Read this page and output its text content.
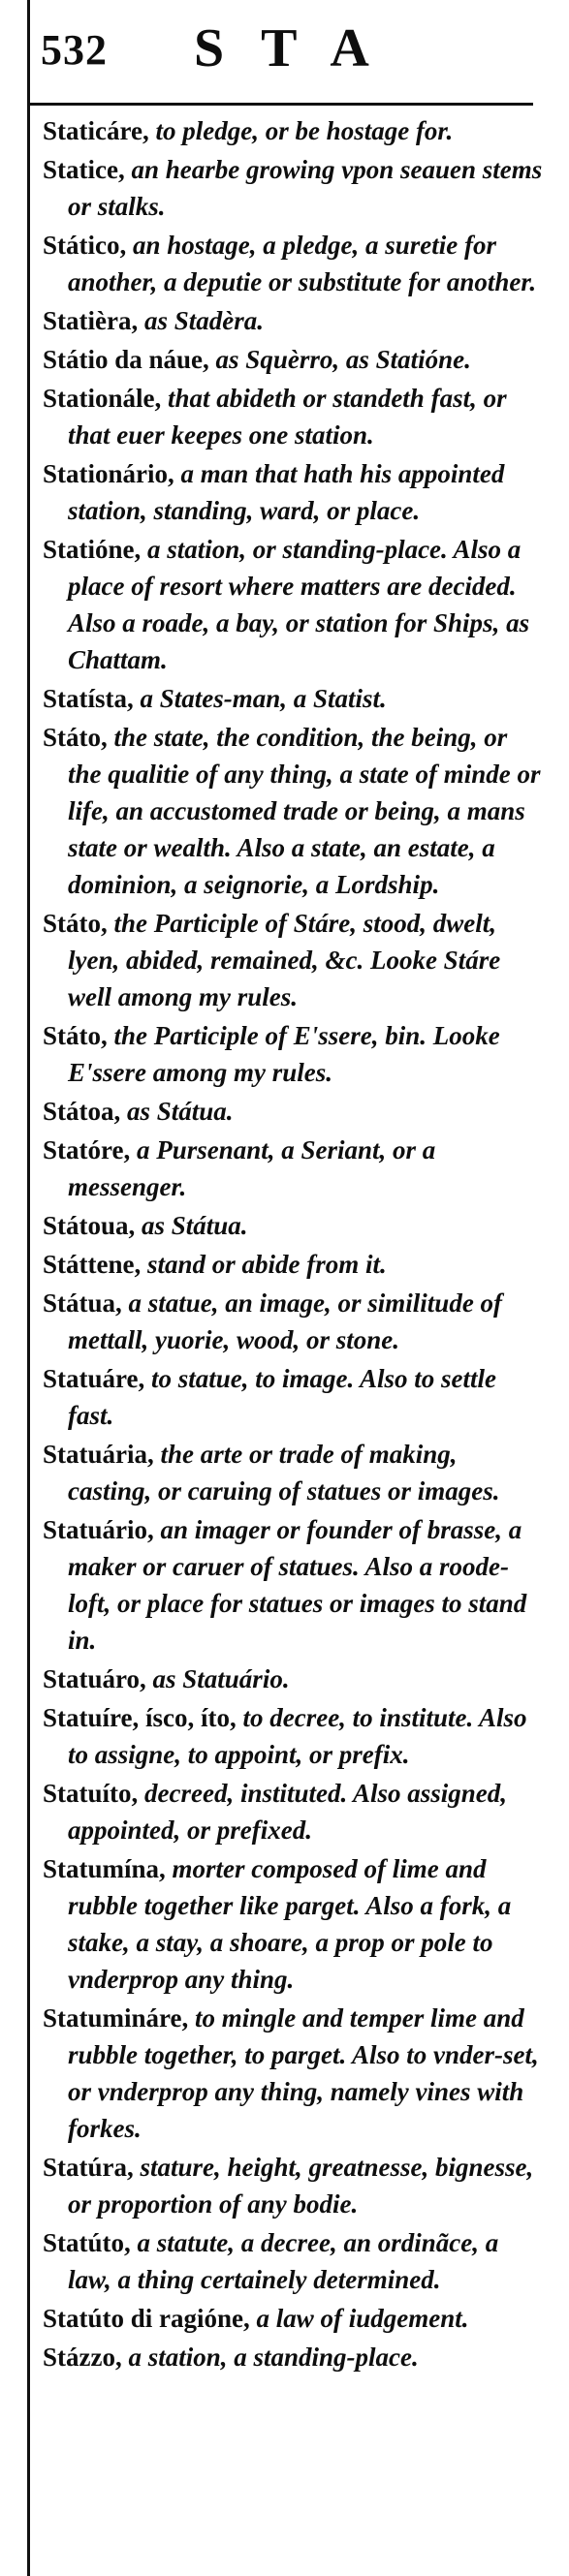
532 STA

Staticáre, to pledge, or be hostage for.

Statice, an hearbe growing vpon seauen stems or stalks.

Stático, an hostage, a pledge, a suretie for another, a deputie or substitute for another.

Statièra, as Stadèra.

Státio da náue, as Squèrro, as Statióne.

Stationále, that abideth or standeth fast, or that euer keepes one station.

Stationário, a man that hath his appointed station, standing, ward, or place.

Statióne, a station, or standing-place. Also a place of resort where matters are decided. Also a roade, a bay, or station for Ships, as Chattam.

Statísta, a States-man, a Statist.

Státo, the state, the condition, the being, or the qualitie of any thing, a state of minde or life, an accustomed trade or being, a mans state or wealth. Also a state, an estate, a dominion, a seignorie, a Lordship.

Státo, the Participle of Stáre, stood, dwelt, lyen, abided, remained, &c. Looke Stáre well among my rules.

Státo, the Participle of E'ssere, bin. Looke E'ssere among my rules.

Státoa, as Státua.

Statóre, a Pursenant, a Seriant, or a messenger.

Státoua, as Státua.

Státtene, stand or abide from it.

Státua, a statue, an image, or similitude of mettall, yuorie, wood, or stone.

Statuáre, to statue, to image. Also to settle fast.

Statuária, the arte or trade of making, casting, or caruing of statues or images.

Statuário, an imager or founder of brasse, a maker or caruer of statues. Also a roode-loft, or place for statues or images to stand in.

Statuáro, as Statuário.

Statuíre, ísco, íto, to decree, to institute. Also to assigne, to appoint, or prefix.

Statuíto, decreed, instituted. Also assigned, appointed, or prefixed.

Statumína, morter composed of lime and rubble together like parget. Also a fork, a stake, a stay, a shoare, a prop or pole to vnderprop any thing.

Statumináre, to mingle and temper lime and rubble together, to parget. Also to vnder-set, or vnderprop any thing, namely vines with forkes.

Statúra, stature, height, greatnesse, bignesse, or proportion of any bodie.

Statúto, a statute, a decree, an ordinãce, a law, a thing certainely determined.

Statúto di ragióne, a law of iudgement.

Stázzo, a station, a standing-place.
